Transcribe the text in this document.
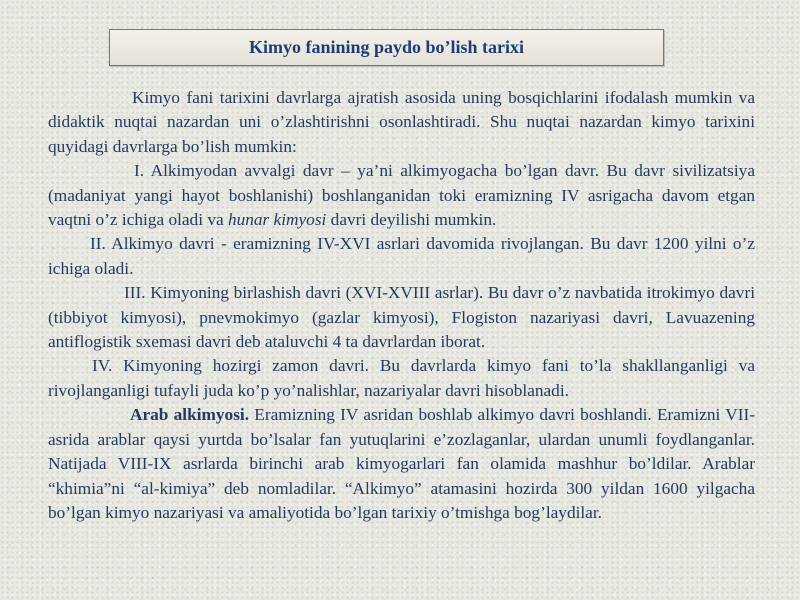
Kimyo fanining paydo bo’lish tarixi

Kimyo fani tarixini davrlarga ajratish asosida uning bosqichlarini ifodalash mumkin va didaktik nuqtai nazardan uni o’zlashtirishni osonlashtiradi. Shu nuqtai nazardan kimyo tarixini quyidagi davrlarga bo’lish mumkin:

I. Alkimyodan avvalgi davr – ya’ni alkimyogacha bo’lgan davr. Bu davr sivilizatsiya (madaniyat yangi hayot boshlanishi) boshlanganidan toki eramizning IV asrigacha davom etgan vaqtni o’z ichiga oladi va hunar kimyosi davri deyilishi mumkin.

II. Alkimyo davri - eramizning IV-XVI asrlari davomida rivojlangan. Bu davr 1200 yilni o’z ichiga oladi.

III. Kimyoning birlashish davri (XVI-XVIII asrlar). Bu davr o’z navbatida itrokimyo davri (tibbiyot kimyosi), pnevmokimyo (gazlar kimyosi), Flogiston nazariyasi davri, Lavuazening antiflogistik sxemasi davri deb ataluvchi 4 ta davrlardan iborat.

IV. Kimyoning hozirgi zamon davri. Bu davrlarda kimyo fani to’la shakllanganligi va rivojlanganligi tufayli juda ko’p yo’nalishlar, nazariyalar davri hisoblanadi.

Arab alkimyosi. Eramizning IV asridan boshlab alkimyo davri boshlandi. Eramizni VII-asrida arablar qaysi yurtda bo’lsalar fan yutuqlarini e’zozlaganlar, ulardan unumli foydlanganlar. Natijada VIII-IX asrlarda birinchi arab kimyogarlari fan olamida mashhur bo’ldilar. Arablar “khimia”ni “al-kimiya” deb nomladilar. “Alkimyo” atamasini hozirda 300 yildan 1600 yilgacha bo’lgan kimyo nazariyasi va amaliyotida bo’lgan tarixiy o’tmishga bog’laydilar.
